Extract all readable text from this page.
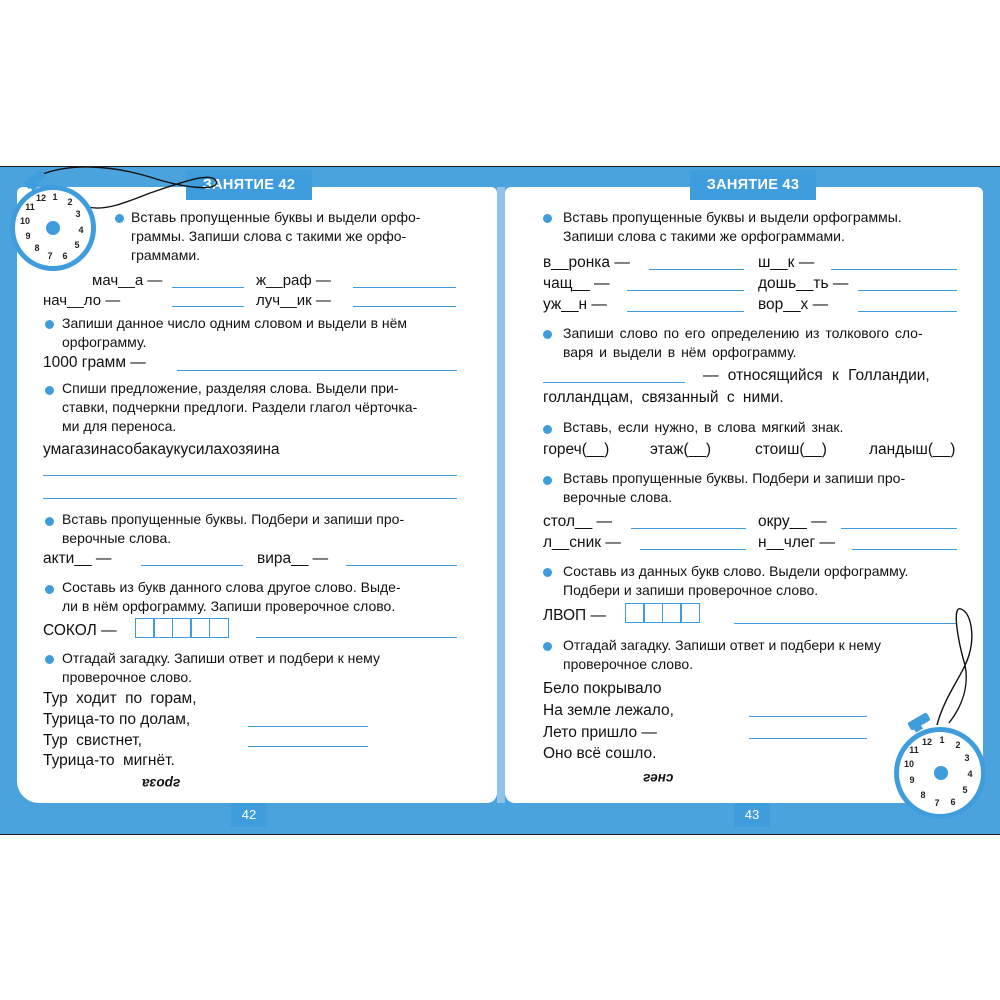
ЗАНЯТИЕ 42	ЗАНЯТИЕ 43
42	43
12 1	2
3
4
5
6
7
8
9
10
11
12 1	2
3
4
5
6
7
8
9
10
11
Вставь пропущенные буквы и выдели орфо-
граммы. Запиши слова с такими же орфо-
граммами.
мач__а —	ж__раф —
нач__ло —	луч__ик —
Запиши данное число одним словом и выдели в нём
орфограмму.
1000 грамм —
Спиши предложение, разделяя слова. Выдели при-
ставки, подчеркни предлоги. Раздели глагол чёрточка-
ми для переноса.
умагазинасобакаукусилахозяина
Вставь пропущенные буквы. Подбери и запиши про-
верочные слова.
акти__ —	вира__ —
Составь из букв данного слова другое слово. Выде-
ли в нём орфограмму. Запиши проверочное слово.
СОКОЛ —
Отгадай загадку. Запиши ответ и подбери к нему
проверочное слово.
Тур ходит по горам,
Турица-то по долам,
Тур свистнет,
Турица-то мигнёт.
гроза
Вставь пропущенные буквы и выдели орфограммы.
Запиши слова с такими же орфограммами.
в__ронка —	ш__к —
чащ__ —	дошь__ть —
уж__н —	вор__х —
Запиши слово по его определению из толкового сло-
варя и выдели в нём орфограмму.
— относящийся к Голландии,
голландцам, связанный с ними.
Вставь, если нужно, в слова мягкий знак.
гореч(__)	этаж(__)	стоиш(__)	ландыш(__)
Вставь пропущенные буквы. Подбери и запиши про-
верочные слова.
стол__ —	окру__ —
л__сник —	н__члег —
Составь из данных букв слово. Выдели орфограмму.
Подбери и запиши проверочное слово.
ЛВОП —
Отгадай загадку. Запиши ответ и подбери к нему
проверочное слово.
Бело покрывало
На земле лежало,
Лето пришло —
Оно всё сошло.
снег
